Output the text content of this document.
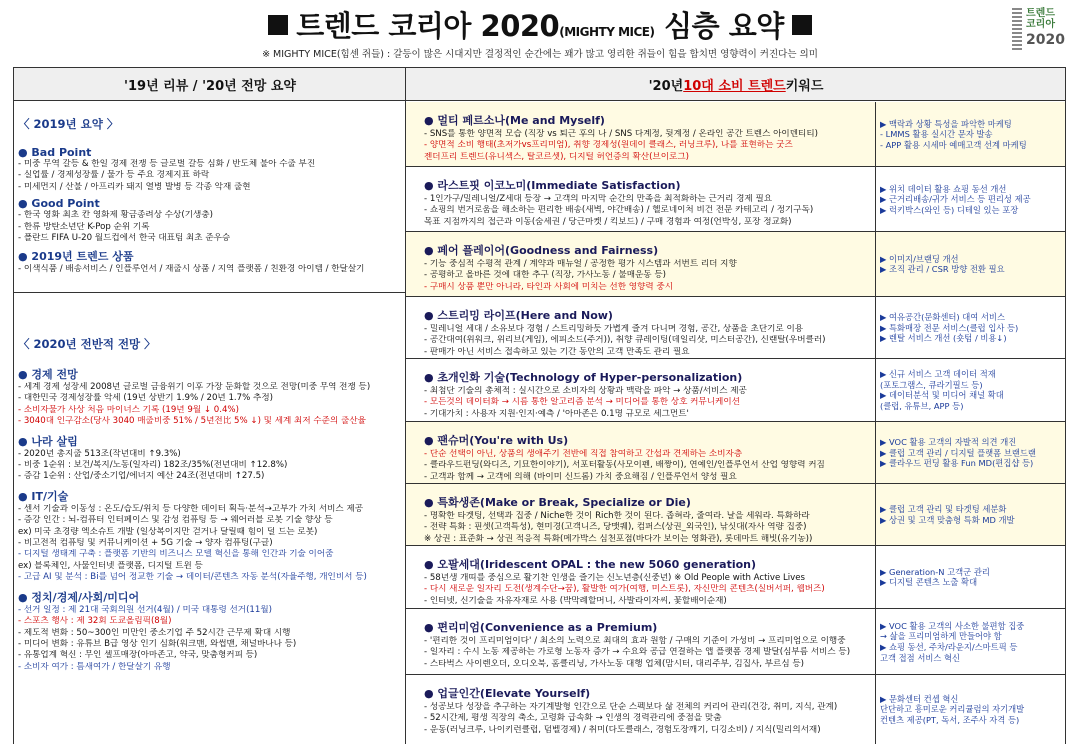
트렌드 코리아 2020(MIGHTY MICE) 심층 요약
※ MIGHTY MICE(힘센 쥐들) : 갈등이 많은 시대지만 결정적인 순간에는 꽤가 많고 영리한 쥐들이 힘을 합치면 영향력이 커진다는 의미
트렌드
코리아
2020
'19년 리뷰 / '20년 전망 요약	'20년 10대 소비 트렌드 키워드
〈 2019년 요약 〉
● Bad Point
- 미중 무역 갈등 & 한일 경제 전쟁 등 글로벌 갈등 심화 / 반도체 불아 수출 부진
- 실업률 / 경제성장률 / 물가 등 주요 경제지표 하락
- 미세먼지 / 산불 / 아프리카 돼지 열병 발병 등 각종 악재 출현
● Good Point
- 한국 영화 최초 칸 영화제 황금종려상 수상(기생충)
- 한류 방탄소년단 K-Pop 순위 기록
- 폴란드 FIFA U-20 월드컵에서 한국 대표팀 최초 준우승
● 2019년 트렌드 상품
- 이색식품 / 배송서비스 / 인플루언서 / 재출시 상품 / 지역 플랫폼 / 친환경 아이템 / 한달살기
〈 2020년 전반적 전망 〉
● 경제 전망
- 세계 경제 성장세 2008년 글로벌 금융위기 이후 가장 둔화할 것으로 전망(미중 무역 전쟁 등)
- 대한민국 경제성장률 악세 (19년 상반기 1.9% / 20년 1.7% 추정)
- 소비자물가 사상 처음 마이너스 기록 (19년 9월 ↓ 0.4%)
- 3040대 인구감소(당사 3040 매출비중 51% / 5년전比 5% ↓) 및 세계 최저 수준의 출산율
● 나라 살림
- 2020년 총지출 513조(작년대비 ↑9.3%)
- 비중 1순위 : 보건/복지/노동(일자리) 182조/35%(전년대비 ↑12.8%)
- 증감 1순위 : 산업/중소기업/에너지 예산 24조(전년대비 ↑27.5)
● IT/기술
- 센서 기술과 이동성 : 온도/습도/위치 등 다양한 데이터 획득·분석→고부가 가치 서비스 제공
- 증강 인간 : 뇌-컴퓨터 인터페이스 및 감성 컴퓨팅 등 → 웨어러블 로봇 기술 향상 등
ex) 미국 초경량 엑소슈트 개발 (일상복이지만 걷거나 달릴때 힘이 덜 드는 로봇)
- 비고전적 컴퓨팅 및 커뮤니케이션 + 5G 기술 → 양자 컴퓨팅(구글)
- 디지털 생태계 구축 : 플랫폼 기반의 비즈니스 모델 혁신을 통해 인간과 기술 이어줌
ex) 블록체인, 사물인터넷 플랫폼, 디지털 트윈 등
- 고급 AI 및 분석 : Bi를 넘어 정교한 기술 → 데이터/콘텐츠 자동 분석(자율주행, 개인비서 등)
● 정치/경제/사회/미디어
- 선거 일정 : 제 21대 국회의원 선거(4월) / 미국 대통령 선거(11월)
- 스포츠 행사 : 제 32회 도쿄올림픽(8월)
- 제도적 변화 : 50~300인 미만인 중소기업 주 52시간 근무제 확대 시행
- 미디어 변화 : 유튜브 B급 영상 인기 심화(워크맨, 와썹맨, 채널바나나 등)
- 유통업계 혁신 : 무인 셀프매장(아마존고, 약국, 맞춤형커피 등)
- 소비자 여가 : 틈새여가 / 한달살기 유행
● 멀티 페르소나(Me and Myself)
- SNS를 통한 양면적 모습 (직장 vs 퇴근 후의 나 / SNS 다계정, 뒷계정 / 온라인 공간 트렌스 아이덴티티)
- 양면적 소비 행태(초저가vs프리미엄), 취향 경제성(원데이 클래스, 러닝크루), 나를 표현하는 굿즈
젠더프리 트렌드(유니섹스, 탈코르셋), 디지털 허언증의 확산(브이로그)
▶ 맥락과 상황 특성을 파악한 마케팅
- LMMS 활용 실시간 문자 발송
- APP 활용 시세마 예매고객 선계 마케팅
● 라스트핏 이코노미(Immediate Satisfaction)
- 1인가구/밀레니얼/Z세대 등장 → 고객의 마지막 순간의 만족을 최적화하는 근거리 경제 필요
- 쇼핑의 번거로움을 해소하는 편리한 배송(새벽, 야간배송) / 헬로네이처 비건 전문 카테고리 / 정기구독)
목표 지점까지의 접근과 이동(숨세권 / 당근마켓 / 킥보드) / 구매 경험과 여정(언박싱, 포장 정교화)
▶ 위치 데이터 활용 쇼핑 동선 개선
▶ 근거리배송/귀가 서비스 등 편리성 제공
▶ 럭키박스(와인 등) 디테일 있는 포장
● 페어 플레이어(Goodness and Fairness)
- 기능 중심적 수평적 관계 / 계약과 매뉴얼 / 공정한 평가 시스템과 서번트 리더 지향
- 공평하고 올바른 것에 대한 추구 (직장, 가사노동 / 불매운동 등)
- 구매시 상품 뿐만 아니라, 타인과 사회에 미치는 선한 영향력 중시
▶ 이미지/브랜딩 개선
▶ 조직 관리 / CSR 방향 전환 필요
● 스트리밍 라이프(Here and Now)
- 밀레니얼 세대 / 소유보다 경험 / 스트리밍하듯 가볍게 즐겨 다니며 경험, 공간, 상품을 초단기로 이용
- 공간대여(위워크, 위리브(게임), 에피소드(주거)), 취향 큐레이팅(데일리샷, 미스터공간), 신랜탈(우버클러)
- 판매가 아닌 서비스 접속하고 있는 기간 동안의 고객 만족도 관리 필요
▶ 여유공간(문화센터) 대여 서비스
▶ 특화매장 전문 서비스(클럽 입사 등)
▶ 렌탈 서비스 개선 (숏텀 / 비용↓)
● 초개인화 기술(Technology of Hyper-personalization)
- 최첨단 기술의 총체적 : 실시간으로 소비자의 상황과 맥락을 파악 → 상품/서비스 제공
- 모든것의 데이터화 → 시름 통한 알고리즘 분석 → 미디어를 통한 상호 커뮤니케이션
- 기대가치 : 사용자 지원·인지·예측 / '아마존은 0.1명 규모로 세그먼트'
▶ 신규 서비스 고객 데이터 적재
(포토그램스, 큐라기필드 등)
▶ 데이터분석 및 미디어 채널 확대
(클럽, 유튜브, APP 등)
● 팬슈머(You're with Us)
- 단순 선택이 아닌, 상품의 생애주기 전반에 직접 참여하고 간섭과 견제하는 소비자층
- 클라우드펀딩(와디즈, 기묘한이야기), 서포터활동(사모이펜, 배짱이), 연예인/인플루언서 산업 영향력 커짐
- 고객과 함께 → 고객에 의해 (바이미 신드롬) 가치 중요해짐 / 인플루언서 양성 필요
▶ VOC 활용 고객의 자발적 의견 개진
▶ 클럽 고객 관리 / 디지털 플랫폼 브랜드랜
▶ 클라우드 펀딩 활용 Fun MD(편집샵 등)
● 특화생존(Make or Break, Specialize or Die)
- 명확한 타겟팅, 선택과 집중 / Niche한 것이 Rich한 것이 된다. 좁혀라, 줄여라. 날을 세워라. 특화하라
- 전략 특화 : 핀셋(고객특성), 현미경(고객니즈, 당맷퀘), 컴퍼스(상권_외국인), 낚싯대(자사 역량 집중)
※ 상권 : 표준화 → 상권 적응적 특화(메가박스 심천포점(바다가 보이는 영화관), 롯데마트 해빗(유기농))
▶ 클럽 고객 관리 및 타겟팅 세분화
▶ 상권 및 고객 맞춤형 특화 MD 개발
● 오팔세대(Iridescent OPAL : the new 5060 generation)
- 58년생 개띠를 중심으로 활기찬 인생을 즐기는 신노년층(신중년) ※ Old People with Active Lives
- 다시 새로운 일자리 도전(생계수단→꿈), 활발한 여가(여행, 미스트롯), 자신만의 콘텐츠(실버서퍼, 웹버즈)
- 인터넷, 신기술을 자유자재로 사용 (박막례할머니, 사발라이자씨, 꽃할배이순재)
▶ Generation-N 고객군 관리
▶ 디지털 콘텐츠 노출 확대
● 편리미엄(Convenience as a Premium)
- '편리한 것이 프리미엄이다' / 최소의 노력으로 최대의 효과 원함 / 구매의 기준이 가성비 → 프리미엄으로 이행중
- 일자리 : 수시 노동 제공하는 가로형 노동자 증가 → 수요와 공급 연결하는 앱 플랫폼 경제 발달(심부름 서비스 등)
- 스타벅스 사이렌오더, 오디오북, 홈클리닝, 가사노동 대행 업체(맘시터, 대리주부, 김집사, 부르심 등)
▶ VOC 활용 고객의 사소한 불편함 집중
→ 삶을 프리미엄하게 만들어야 함
▶ 쇼핑 동선, 주차/라운지/스마트픽 등
고객 접점 서비스 혁신
● 업글인간(Elevate Yourself)
- 성공보다 성장을 추구하는 자기계발형 인간으로 단순 스펙보다 삶 전체의 커리어 관리(건강, 취미, 지식, 관계)
- 52시간제, 평생 직장의 축소, 고령화 급속화 → 인생의 경력관리에 중점을 맞춤
- 운동(러닝크루, 나이키런클럽, 덤벨경제) / 취미(다도클래스, 경험도장깨기, 디깅소비) / 지식(밀리의서재)
▶ 문화센터 컨셉 혁신
단단하고 흥미로운 커리큘럼의 자기개발
컨텐츠 제공(PT, 독서, 조주사 자격 등)
